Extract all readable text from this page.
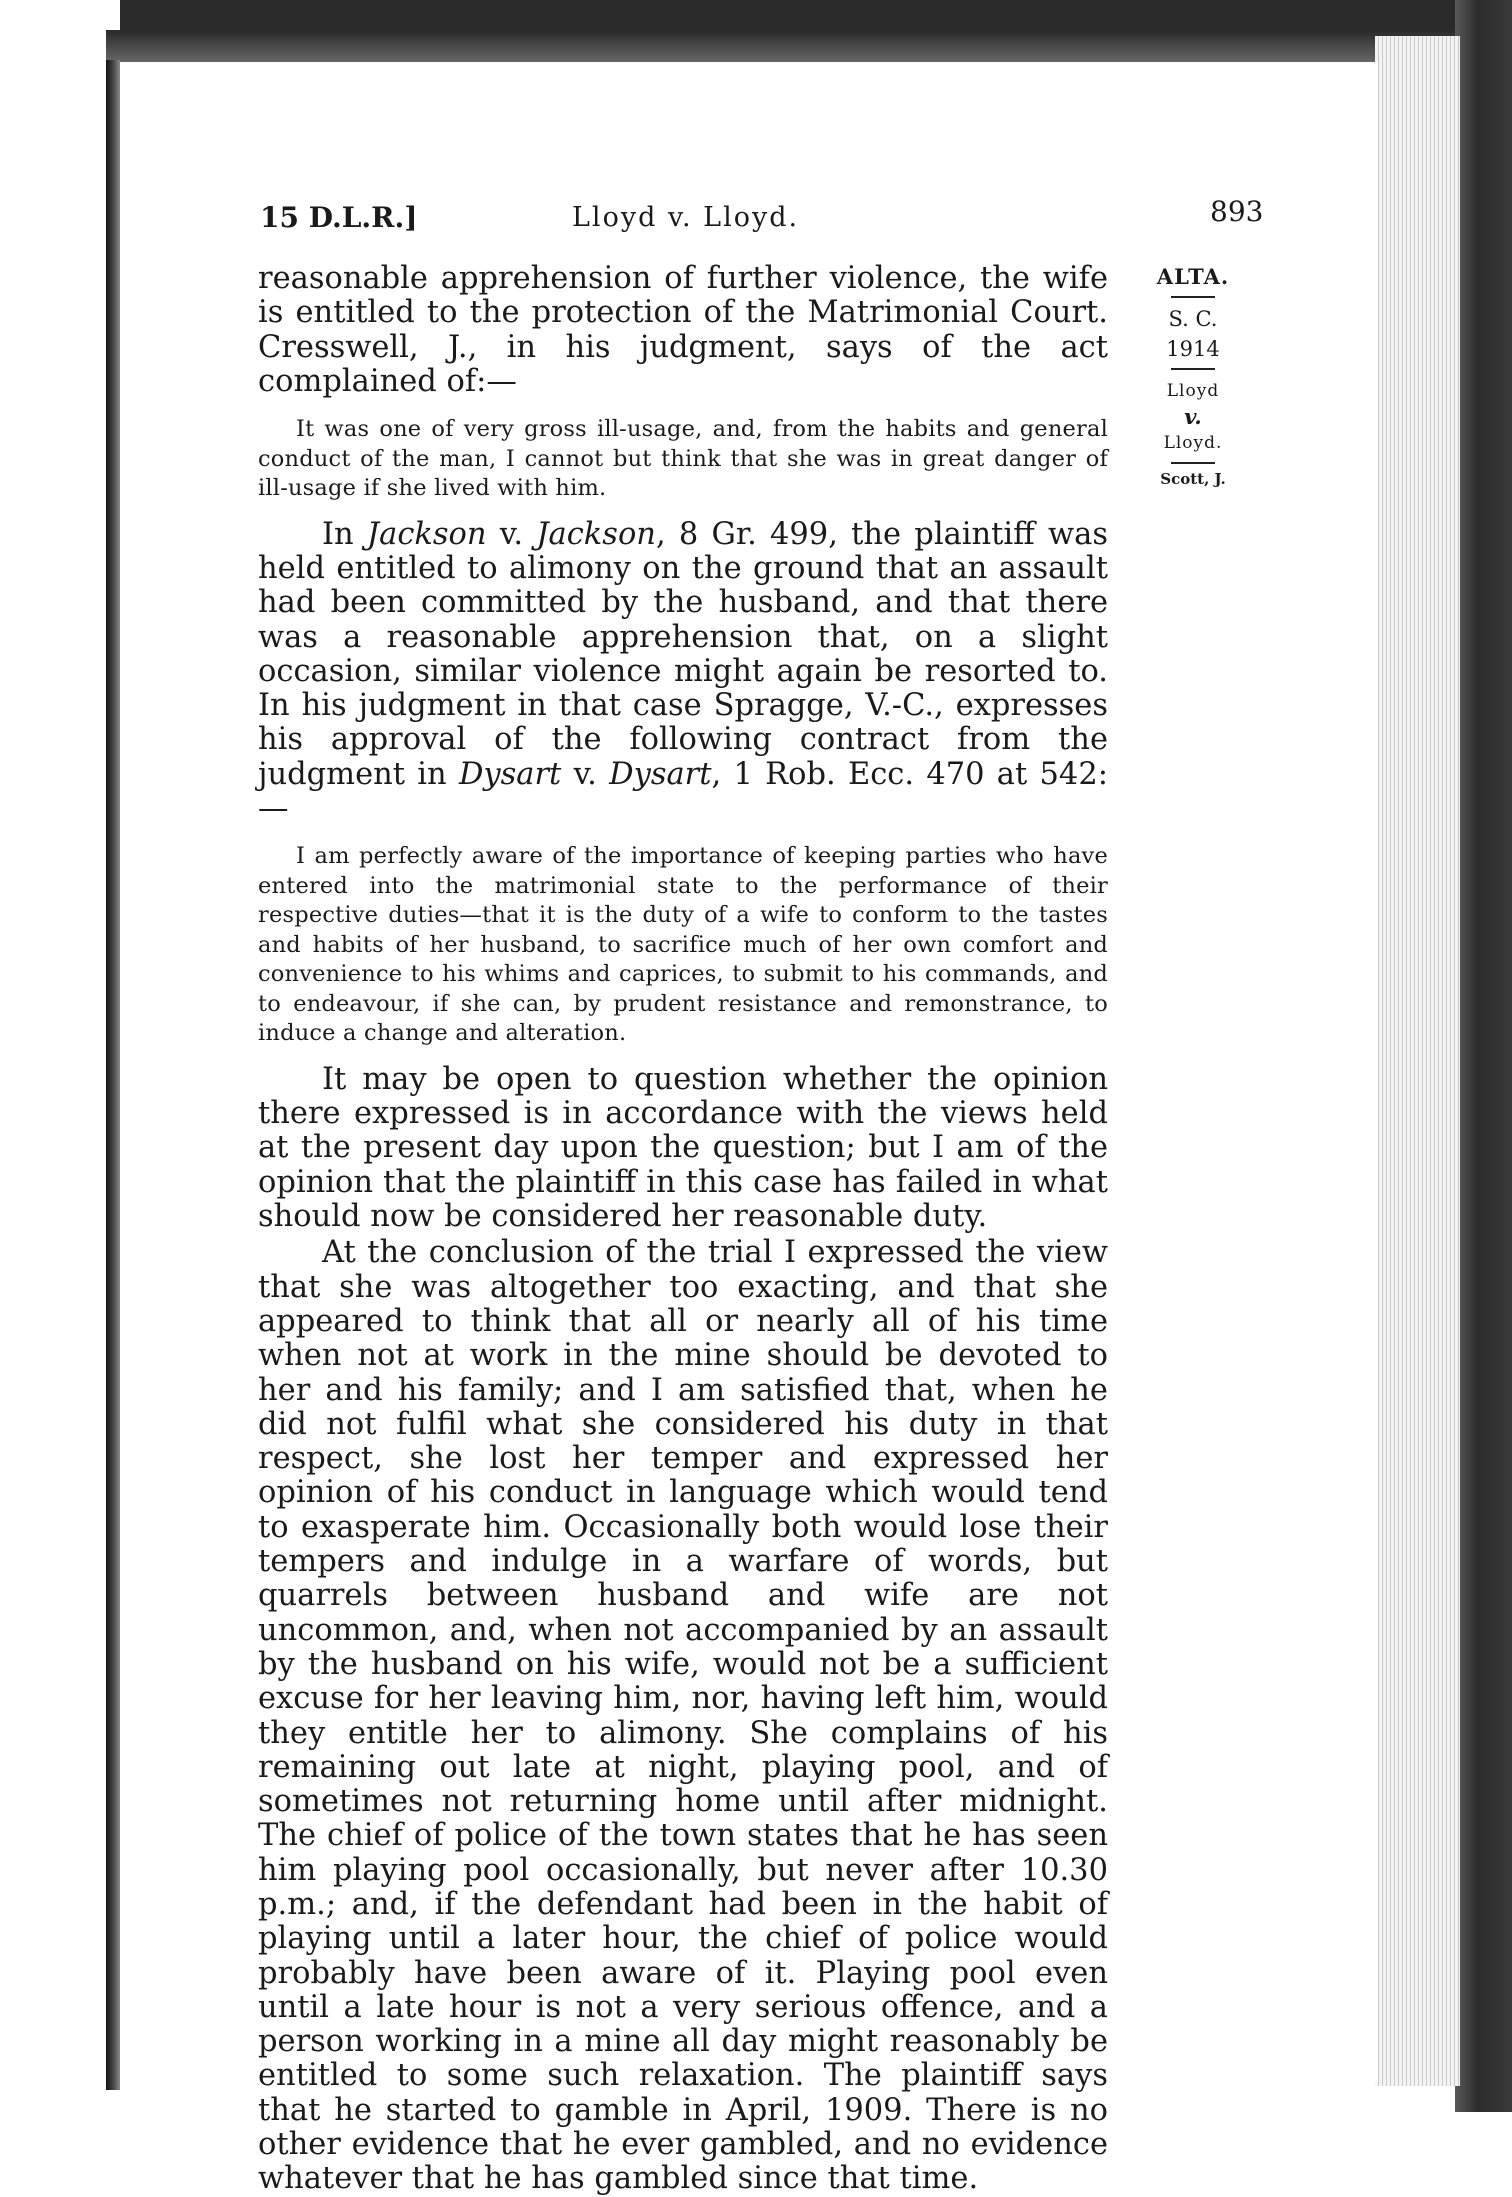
15 D.L.R.]	Lloyd v. Lloyd.	893
ALTA.
S. C.
1914
Lloyd
v.
Lloyd.
Scott, J.

reasonable apprehension of further violence, the wife is entitled to the protection of the Matrimonial Court. Cresswell, J., in his judgment, says of the act complained of:—

It was one of very gross ill-usage, and, from the habits and general conduct of the man, I cannot but think that she was in great danger of ill-usage if she lived with him.

In Jackson v. Jackson, 8 Gr. 499, the plaintiff was held entitled to alimony on the ground that an assault had been committed by the husband, and that there was a reasonable apprehension that, on a slight occasion, similar violence might again be resorted to. In his judgment in that case Spragge, V.-C., expresses his approval of the following contract from the judgment in Dysart v. Dysart, 1 Rob. Ecc. 470 at 542:—

I am perfectly aware of the importance of keeping parties who have entered into the matrimonial state to the performance of their respective duties—that it is the duty of a wife to conform to the tastes and habits of her husband, to sacrifice much of her own comfort and convenience to his whims and caprices, to submit to his commands, and to endeavour, if she can, by prudent resistance and remonstrance, to induce a change and alteration.

It may be open to question whether the opinion there expressed is in accordance with the views held at the present day upon the question; but I am of the opinion that the plaintiff in this case has failed in what should now be considered her reasonable duty.

At the conclusion of the trial I expressed the view that she was altogether too exacting, and that she appeared to think that all or nearly all of his time when not at work in the mine should be devoted to her and his family; and I am satisfied that, when he did not fulfil what she considered his duty in that respect, she lost her temper and expressed her opinion of his conduct in language which would tend to exasperate him. Occasionally both would lose their tempers and indulge in a warfare of words, but quarrels between husband and wife are not uncommon, and, when not accompanied by an assault by the husband on his wife, would not be a sufficient excuse for her leaving him, nor, having left him, would they entitle her to alimony. She complains of his remaining out late at night, playing pool, and of sometimes not returning home until after midnight. The chief of police of the town states that he has seen him playing pool occasionally, but never after 10.30 p.m.; and, if the defendant had been in the habit of playing until a later hour, the chief of police would probably have been aware of it. Playing pool even until a late hour is not a very serious offence, and a person working in a mine all day might reasonably be entitled to some such relaxation. The plaintiff says that he started to gamble in April, 1909. There is no other evidence that he ever gambled, and no evidence whatever that he has gambled since that time.
